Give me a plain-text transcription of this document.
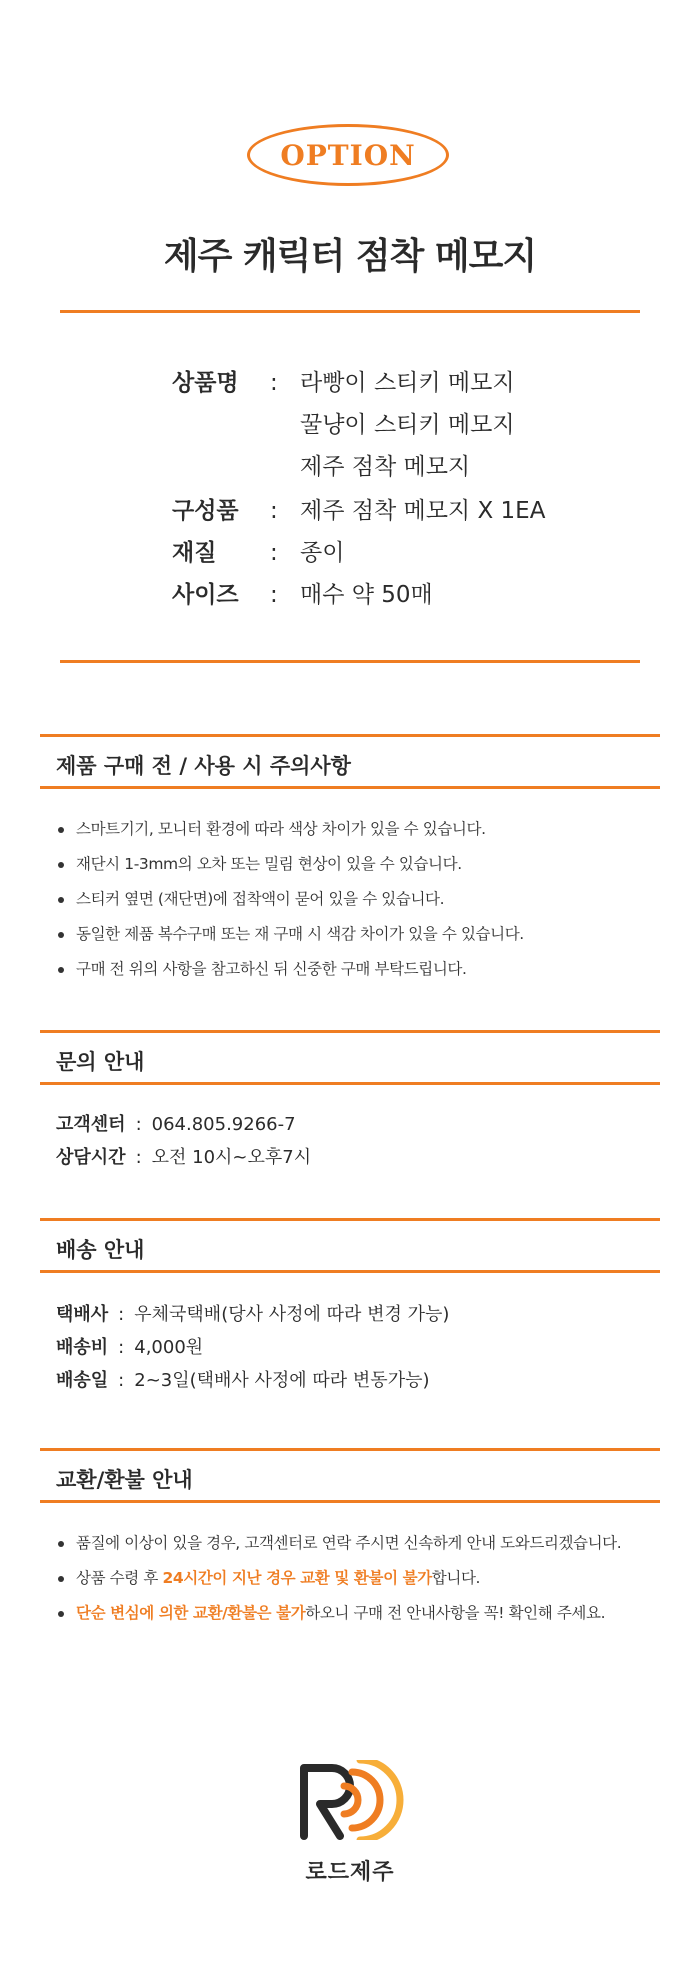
OPTION
제주 캐릭터 점착 메모지
상품명	: 라빵이 스티키 메모지
꿀냥이 스티키 메모지
제주 점착 메모지
구성품	: 제주 점착 메모지 X 1EA
재질	: 종이
사이즈	: 매수 약 50매
제품 구매 전 / 사용 시 주의사항
스마트기기, 모니터 환경에 따라 색상 차이가 있을 수 있습니다.
재단시 1-3mm의 오차 또는 밀림 현상이 있을 수 있습니다.
스티커 옆면 (재단면)에 접착액이 묻어 있을 수 있습니다.
동일한 제품 복수구매 또는 재 구매 시 색감 차이가 있을 수 있습니다.
구매 전 위의 사항을 참고하신 뒤 신중한 구매 부탁드립니다.
문의 안내
고객센터 : 064.805.9266-7
상담시간 : 오전 10시~오후7시
배송 안내
택배사 : 우체국택배(당사 사정에 따라 변경 가능)
배송비 : 4,000원
배송일 : 2~3일(택배사 사정에 따라 변동가능)
교환/환불 안내
품질에 이상이 있을 경우, 고객센터로 연락 주시면 신속하게 안내 도와드리겠습니다.
상품 수령 후 24시간이 지난 경우 교환 및 환불이 불가합니다.
단순 변심에 의한 교환/환불은 불가하오니 구매 전 안내사항을 꼭! 확인해 주세요.
로드제주
